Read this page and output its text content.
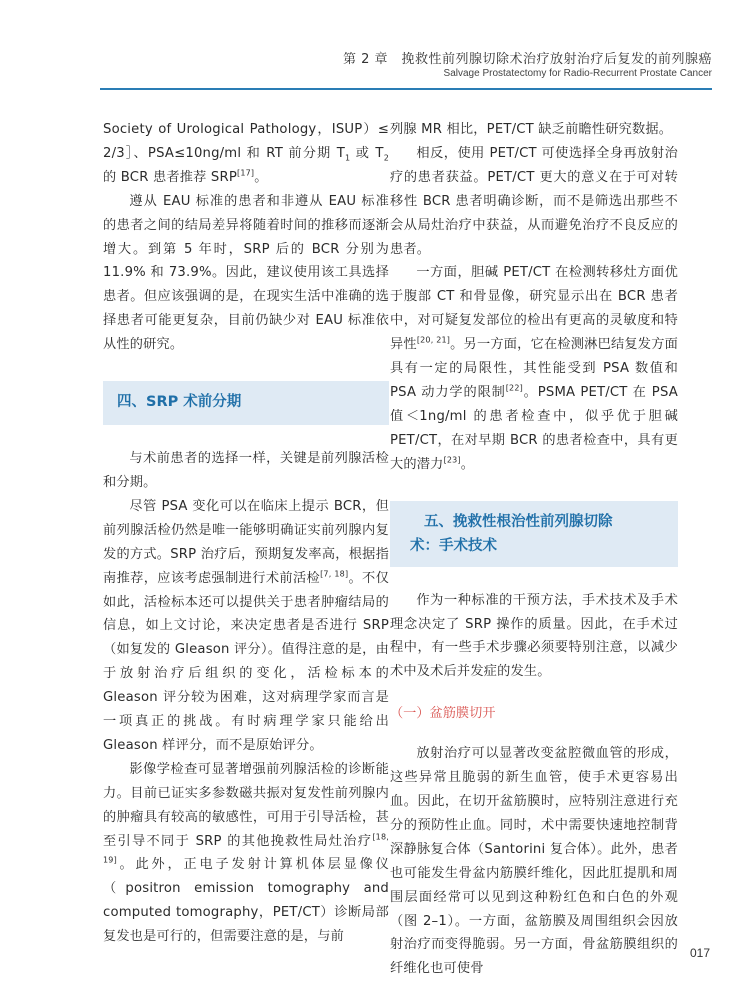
第 2 章　挽救性前列腺切除术治疗放射治疗后复发的前列腺癌
Salvage Prostatectomy for Radio-Recurrent Prostate Cancer

Society of Urological Pathology，ISUP）≤ 2/3］、PSA≤10ng/ml 和 RT 前分期 $T_1$ 或 $T_2$ 的 BCR 患者推荐 SRP[17]。

遵从 EAU 标准的患者和非遵从 EAU 标准的患者之间的结局差异将随着时间的推移而逐渐增大。到第 5 年时，SRP 后的 BCR 分别为 11.9% 和 73.9%。因此，建议使用该工具选择患者。但应该强调的是，在现实生活中准确的选择患者可能更复杂，目前仍缺少对 EAU 标准依从性的研究。

四、SRP 术前分期

与术前患者的选择一样，关键是前列腺活检和分期。

尽管 PSA 变化可以在临床上提示 BCR，但前列腺活检仍然是唯一能够明确证实前列腺内复发的方式。SRP 治疗后，预期复发率高，根据指南推荐，应该考虑强制进行术前活检[7, 18]。不仅如此，活检标本还可以提供关于患者肿瘤结局的信息，如上文讨论，来决定患者是否进行 SRP（如复发的 Gleason 评分）。值得注意的是，由于放射治疗后组织的变化，活检标本的 Gleason 评分较为困难，这对病理学家而言是一项真正的挑战。有时病理学家只能给出 Gleason 样评分，而不是原始评分。

影像学检查可显著增强前列腺活检的诊断能力。目前已证实多参数磁共振对复发性前列腺内的肿瘤具有较高的敏感性，可用于引导活检，甚至引导不同于 SRP 的其他挽救性局灶治疗[18, 19]。此外，正电子发射计算机体层显像仪（positron emission tomography and computed tomography，PET/CT）诊断局部复发也是可行的，但需要注意的是，与前

列腺 MR 相比，PET/CT 缺乏前瞻性研究数据。

相反，使用 PET/CT 可使选择全身再放射治疗的患者获益。PET/CT 更大的意义在于可对转移性 BCR 患者明确诊断，而不是筛选出那些不会从局灶治疗中获益，从而避免治疗不良反应的患者。

一方面，胆碱 PET/CT 在检测转移灶方面优于腹部 CT 和骨显像，研究显示出在 BCR 患者中，对可疑复发部位的检出有更高的灵敏度和特异性[20, 21]。另一方面，它在检测淋巴结复发方面具有一定的局限性，其性能受到 PSA 数值和 PSA 动力学的限制[22]。PSMA PET/CT 在 PSA 值＜1ng/ml 的患者检查中，似乎优于胆碱 PET/CT，在对早期 BCR 的患者检查中，具有更大的潜力[23]。

五、挽救性根治性前列腺切除
术：手术技术

作为一种标准的干预方法，手术技术及手术理念决定了 SRP 操作的质量。因此，在手术过程中，有一些手术步骤必须要特别注意，以减少术中及术后并发症的发生。

（一）盆筋膜切开

放射治疗可以显著改变盆腔微血管的形成，这些异常且脆弱的新生血管，使手术更容易出血。因此，在切开盆筋膜时，应特别注意进行充分的预防性止血。同时，术中需要快速地控制背深静脉复合体（Santorini 复合体）。此外，患者也可能发生骨盆内筋膜纤维化，因此肛提肌和周围层面经常可以见到这种粉红色和白色的外观（图 2–1）。一方面，盆筋膜及周围组织会因放射治疗而变得脆弱。另一方面，骨盆筋膜组织的纤维化也可使骨

017
